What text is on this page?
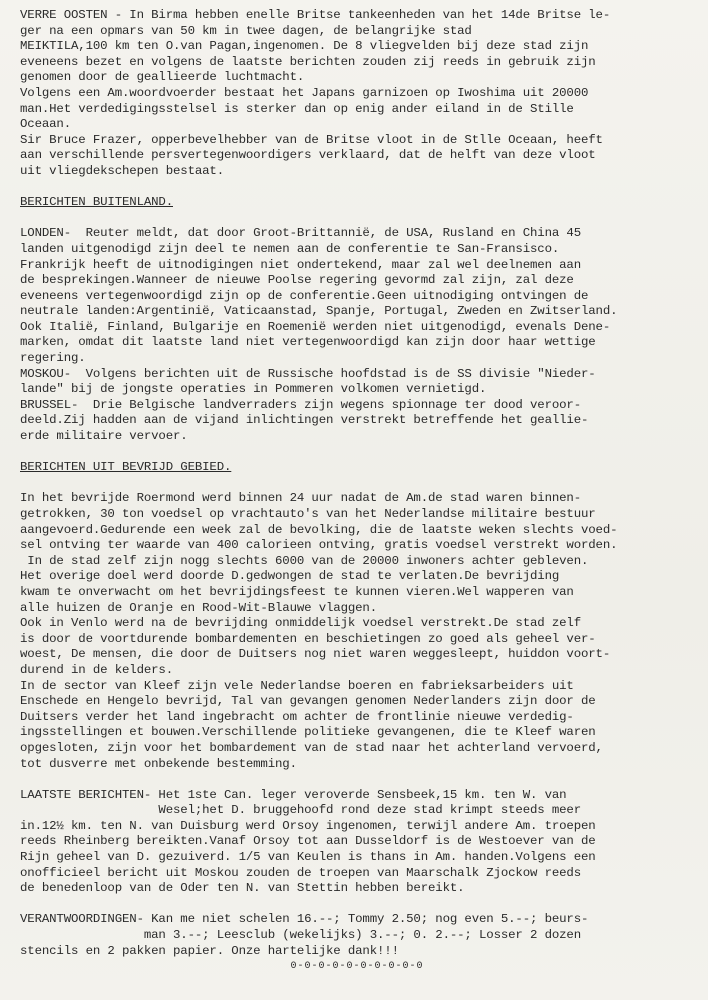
VERRE OOSTEN - In Birma hebben enelle Britse tankeenheden van het 14de Britse le-
ger na een opmars van 50 km in twee dagen, de belangrijke stad
MEIKTILA,100 km ten O.van Pagan,ingenomen. De 8 vliegvelden bij deze stad zijn
eveneens bezet en volgens de laatste berichten zouden zij reeds in gebruik zijn
genomen door de geallieerde luchtmacht.
Volgens een Am.woordvoerder bestaat het Japans garnizoen op Iwoshima uit 20000
man.Het verdedigingsstelsel is sterker dan op enig ander eiland in de Stille
Oceaan.
Sir Bruce Frazer, opperbevelhebber van de Britse vloot in de Stlle Oceaan, heeft
aan verschillende persvertegenwoordigers verklaard, dat de helft van deze vloot
uit vliegdekschepen bestaat.
BERICHTEN BUITENLAND.
LONDEN-  Reuter meldt, dat door Groot-Brittannië, de USA, Rusland en China 45
landen uitgenodigd zijn deel te nemen aan de conferentie te San-Fransisco.
Frankrijk heeft de uitnodigingen niet ondertekend, maar zal wel deelnemen aan
de besprekingen.Wanneer de nieuwe Poolse regering gevormd zal zijn, zal deze
eveneens vertegenwoordigd zijn op de conferentie.Geen uitnodiging ontvingen de
neutrale landen:Argentinië, Vaticaanstad, Spanje, Portugal, Zweden en Zwitserland.
Ook Italië, Finland, Bulgarije en Roemenië werden niet uitgenodigd, evenals Dene-
marken, omdat dit laatste land niet vertegenwoordigd kan zijn door haar wettige
regering.
MOSKOU-  Volgens berichten uit de Russische hoofdstad is de SS divisie "Nieder-
lande" bij de jongste operaties in Pommeren volkomen vernietigd.
BRUSSEL-  Drie Belgische landverraders zijn wegens spionnage ter dood veroor-
deeld.Zij hadden aan de vijand inlichtingen verstrekt betreffende het geallie-
erde militaire vervoer.
BERICHTEN UIT BEVRIJD GEBIED.
In het bevrijde Roermond werd binnen 24 uur nadat de Am.de stad waren binnen-
getrokken, 30 ton voedsel op vrachtauto's van het Nederlandse militaire bestuur
aangevoerd.Gedurende een week zal de bevolking, die de laatste weken slechts voed-
sel ontving ter waarde van 400 calorieen ontving, gratis voedsel verstrekt worden.
In de stad zelf zijn nogg slechts 6000 van de 20000 inwoners achter gebleven.
Het overige doel werd doorde D.gedwongen de stad te verlaten.De bevrijding
kwam te onverwacht om het bevrijdingsfeest te kunnen vieren.Wel wapperen van
alle huizen de Oranje en Rood-Wit-Blauwe vlaggen.
Ook in Venlo werd na de bevrijding onmiddelijk voedsel verstrekt.De stad zelf
is door de voortdurende bombardementen en beschietingen zo goed als geheel ver-
woest, De mensen, die door de Duitsers nog niet waren weggesleept, huiddon voort-
durend in de kelders.
In de sector van Kleef zijn vele Nederlandse boeren en fabrieksarbeiders uit
Enschede en Hengelo bevrijd, Tal van gevangen genomen Nederlanders zijn door de
Duitsers verder het land ingebracht om achter de frontlinie nieuwe verdedig-
ingsstellingen et bouwen.Verschillende politieke gevangenen, die te Kleef waren
opgesloten, zijn voor het bombardement van de stad naar het achterland vervoerd,
tot dusverre met onbekende bestemming.
LAATSTE BERICHTEN- Het 1ste Can. leger veroverde Sensbeek,15 km. ten W. van
Wesel;het D. bruggehoofd rond deze stad krimpt steeds meer
in.12½ km. ten N. van Duisburg werd Orsoy ingenomen, terwijl andere Am. troepen
reeds Rheinberg bereikten.Vanaf Orsoy tot aan Dusseldorf is de Westoever van de
Rijn geheel van D. gezuiverd. 1/5 van Keulen is thans in Am. handen.Volgens een
onofficieel bericht uit Moskou zouden de troepen van Maarschalk Zjockow reeds
de benedenloop van de Oder ten N. van Stettin hebben bereikt.
VERANTWOORDINGEN- Kan me niet schelen 16.--; Tommy 2.50; nog even 5.--; beurs-
man 3.--; Leesclub (wekelijks) 3.--; 0. 2.--; Losser 2 dozen
stencils en 2 pakken papier. Onze hartelijke dank!!!
0-0-0-0-0-0-0-0-0-0
